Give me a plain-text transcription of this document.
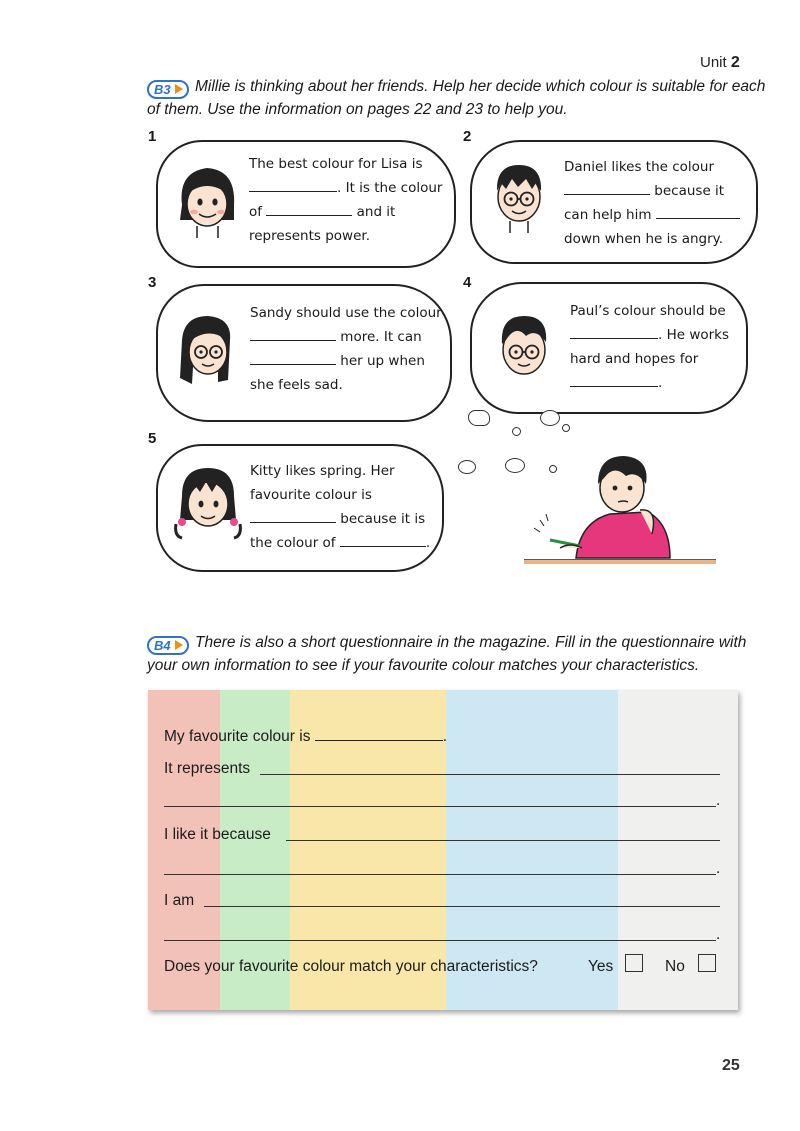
Unit 2
B3 Millie is thinking about her friends. Help her decide which colour is suitable for each of them. Use the information on pages 22 and 23 to help you.
1
The best colour for Lisa is
. It is the colour
of	and it
represents power.
2
Daniel likes the colour
because it
can help him
down when he is angry.
3
Sandy should use the colour
more. It can
her up when
she feels sad.
4
Paul’s colour should be
. He works
hard and hopes for
.
5
Kitty likes spring. Her
favourite colour is
because it is
the colour of	.
B4 There is also a short questionnaire in the magazine. Fill in the questionnaire with your own information to see if your favourite colour matches your characteristics.
My favourite colour is	.
It represents
.
I like it because
.
I am
.
Does your favourite colour match your characteristics?	Yes	No
25
